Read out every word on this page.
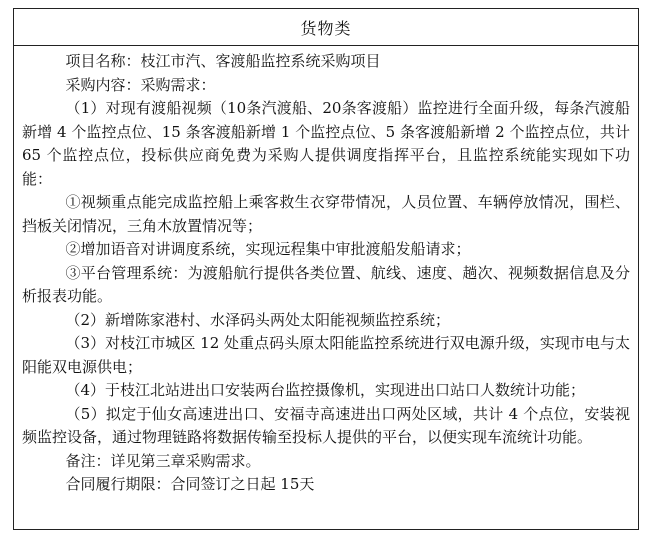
货物类

项目名称：枝江市汽、客渡船监控系统采购项目

采购内容：采购需求：

（1）对现有渡船视频（10条汽渡船、20条客渡船）监控进行全面升级，每条汽渡船新增 4 个监控点位、15 条客渡船新增 1 个监控点位、5 条客渡船新增 2 个监控点位，共计 65 个监控点位，投标供应商免费为采购人提供调度指挥平台，且监控系统能实现如下功能：

①视频重点能完成监控船上乘客救生衣穿带情况，人员位置、车辆停放情况，围栏、挡板关闭情况，三角木放置情况等；

②增加语音对讲调度系统，实现远程集中审批渡船发船请求；

③平台管理系统：为渡船航行提供各类位置、航线、速度、趟次、视频数据信息及分析报表功能。

（2）新增陈家港村、水泽码头两处太阳能视频监控系统；

（3）对枝江市城区 12 处重点码头原太阳能监控系统进行双电源升级，实现市电与太阳能双电源供电；

（4）于枝江北站进出口安装两台监控摄像机，实现进出口站口人数统计功能；

（5）拟定于仙女高速进出口、安福寺高速进出口两处区域，共计 4 个点位，安装视频监控设备，通过物理链路将数据传输至投标人提供的平台，以便实现车流统计功能。

备注：详见第三章采购需求。

合同履行期限：合同签订之日起 15天
